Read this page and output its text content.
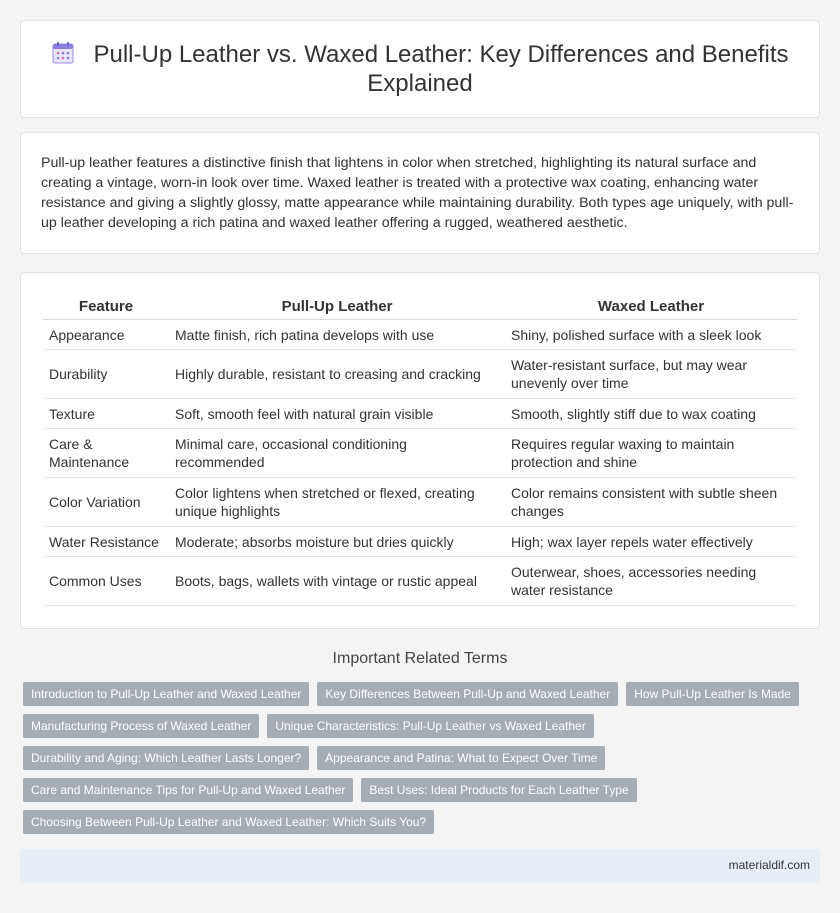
Pull-Up Leather vs. Waxed Leather: Key Differences and Benefits Explained

Pull-up leather features a distinctive finish that lightens in color when stretched, highlighting its natural surface and creating a vintage, worn-in look over time. Waxed leather is treated with a protective wax coating, enhancing water resistance and giving a slightly glossy, matte appearance while maintaining durability. Both types age uniquely, with pull-up leather developing a rich patina and waxed leather offering a rugged, weathered aesthetic.

Feature	Pull-Up Leather	Waxed Leather
Appearance	Matte finish, rich patina develops with use	Shiny, polished surface with a sleek look
Durability	Highly durable, resistant to creasing and cracking	Water-resistant surface, but may wear unevenly over time
Texture	Soft, smooth feel with natural grain visible	Smooth, slightly stiff due to wax coating
Care & Maintenance	Minimal care, occasional conditioning recommended	Requires regular waxing to maintain protection and shine
Color Variation	Color lightens when stretched or flexed, creating unique highlights	Color remains consistent with subtle sheen changes
Water Resistance	Moderate; absorbs moisture but dries quickly	High; wax layer repels water effectively
Common Uses	Boots, bags, wallets with vintage or rustic appeal	Outerwear, shoes, accessories needing water resistance
Important Related Terms
Introduction to Pull-Up Leather and Waxed Leather	Key Differences Between Pull-Up and Waxed Leather	How Pull-Up Leather Is Made
Manufacturing Process of Waxed Leather	Unique Characteristics: Pull-Up Leather vs Waxed Leather
Durability and Aging: Which Leather Lasts Longer?	Appearance and Patina: What to Expect Over Time
Care and Maintenance Tips for Pull-Up and Waxed Leather	Best Uses: Ideal Products for Each Leather Type
Choosing Between Pull-Up Leather and Waxed Leather: Which Suits You?
materialdif.com
